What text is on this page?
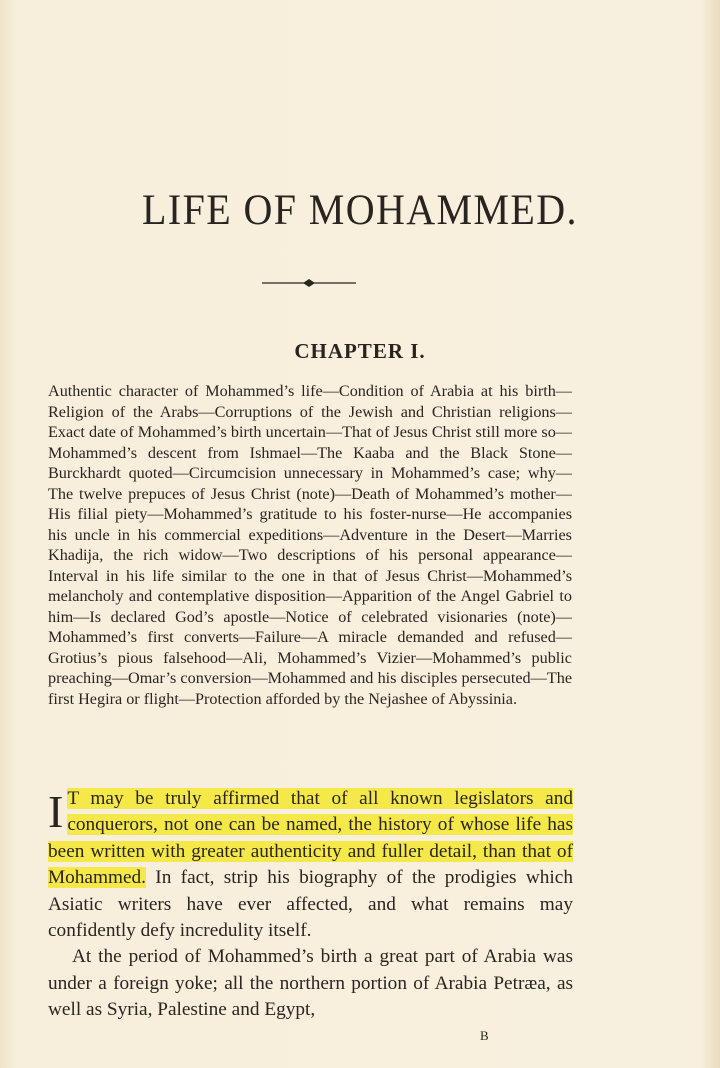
LIFE OF MOHAMMED.
CHAPTER I.

Authentic character of Mohammed’s life—Condition of Arabia at his birth—Religion of the Arabs—Corruptions of the Jewish and Christian religions—Exact date of Mohammed’s birth uncertain—That of Jesus Christ still more so—Mohammed’s descent from Ishmael—The Kaaba and the Black Stone—Burckhardt quoted—Circumcision unnecessary in Mohammed’s case; why—The twelve prepuces of Jesus Christ (note)—Death of Mohammed’s mother—His filial piety—Mohammed’s gratitude to his foster-nurse—He accompanies his uncle in his commercial expeditions—Adventure in the Desert—Marries Khadija, the rich widow—Two descriptions of his personal appearance—Interval in his life similar to the one in that of Jesus Christ—Mohammed’s melancholy and contemplative disposition—Apparition of the Angel Gabriel to him—Is declared God’s apostle—Notice of celebrated visionaries (note)—Mohammed’s first converts—Failure—A miracle demanded and refused—Grotius’s pious falsehood—Ali, Mohammed’s Vizier—Mohammed’s public preaching—Omar’s conversion—Mohammed and his disciples persecuted—The first Hegira or flight—Protection afforded by the Nejashee of Abyssinia.

I T may be truly affirmed that of all known legislators and conquerors, not one can be named, the history of whose life has been written with greater authenticity and fuller detail, than that of Mohammed. In fact, strip his biography of the prodigies which Asiatic writers have ever affected, and what remains may confidently defy incredulity itself.

At the period of Mohammed’s birth a great part of Arabia was under a foreign yoke; all the northern portion of Arabia Petræa, as well as Syria, Palestine and Egypt,

B
